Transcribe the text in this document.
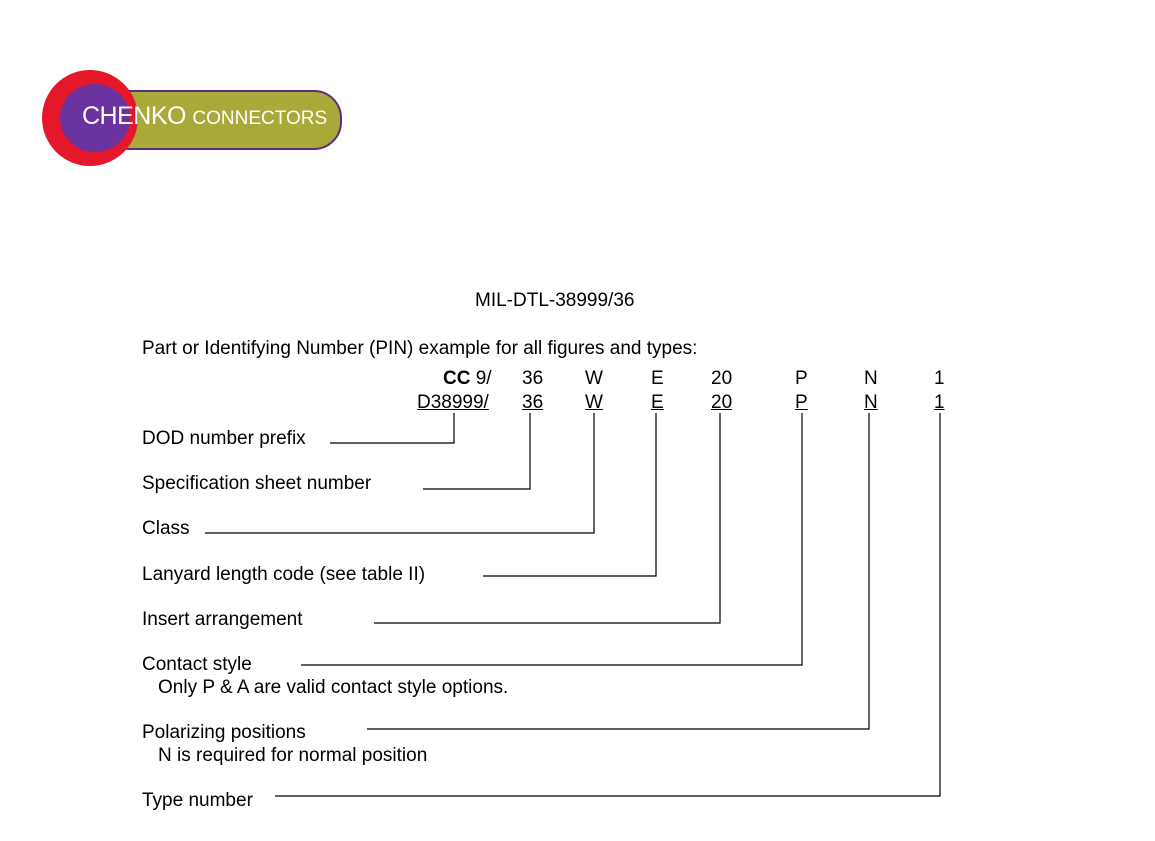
CHENKO CONNECTORS
MIL-DTL-38999/36
Part or Identifying Number (PIN) example for all figures and types:
CC 9/ 36 W	E 20	P	N	1
D38999/ 36 W	E 20	P	N	1
DOD number prefix
Specification sheet number
Class
Lanyard length code (see table II)
Insert arrangement
Contact style
Only P & A are valid contact style options.
Polarizing positions
N is required for normal position
Type number
